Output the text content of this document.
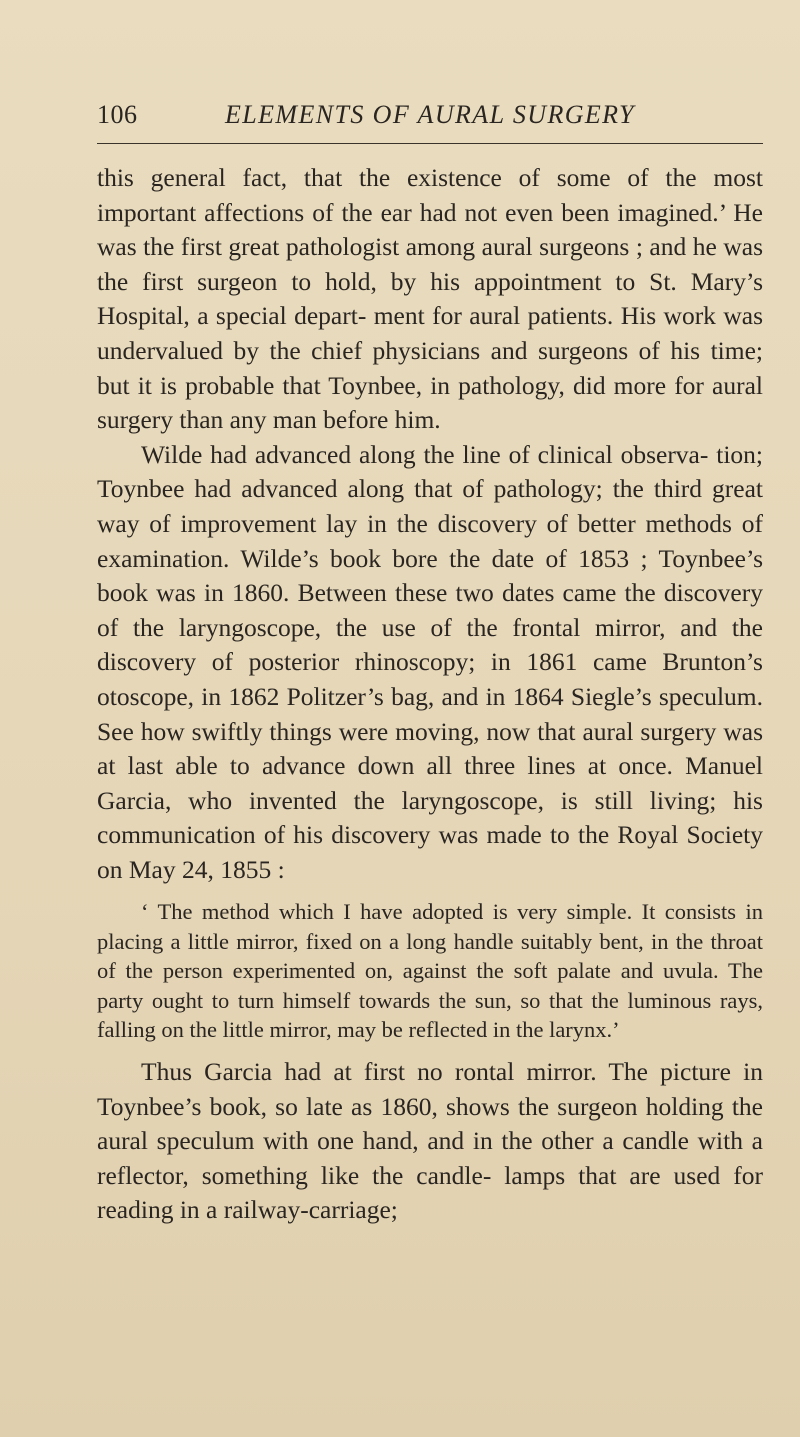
106	ELEMENTS OF AURAL SURGERY

this general fact, that the existence of some of the most important affections of the ear had not even been imagined.’ He was the first great pathologist among aural surgeons ; and he was the first surgeon to hold, by his appointment to St. Mary’s Hospital, a special depart- ment for aural patients. His work was undervalued by the chief physicians and surgeons of his time; but it is probable that Toynbee, in pathology, did more for aural surgery than any man before him.

Wilde had advanced along the line of clinical observa- tion; Toynbee had advanced along that of pathology; the third great way of improvement lay in the discovery of better methods of examination. Wilde’s book bore the date of 1853 ; Toynbee’s book was in 1860. Between these two dates came the discovery of the laryngoscope, the use of the frontal mirror, and the discovery of posterior rhinoscopy; in 1861 came Brunton’s otoscope, in 1862 Politzer’s bag, and in 1864 Siegle’s speculum. See how swiftly things were moving, now that aural surgery was at last able to advance down all three lines at once. Manuel Garcia, who invented the laryngoscope, is still living; his communication of his discovery was made to the Royal Society on May 24, 1855 :

‘ The method which I have adopted is very simple. It consists in placing a little mirror, fixed on a long handle suitably bent, in the throat of the person experimented on, against the soft palate and uvula. The party ought to turn himself towards the sun, so that the luminous rays, falling on the little mirror, may be reflected in the larynx.’

Thus Garcia had at first no rontal mirror. The picture in Toynbee’s book, so late as 1860, shows the surgeon holding the aural speculum with one hand, and in the other a candle with a reflector, something like the candle- lamps that are used for reading in a railway-carriage;
